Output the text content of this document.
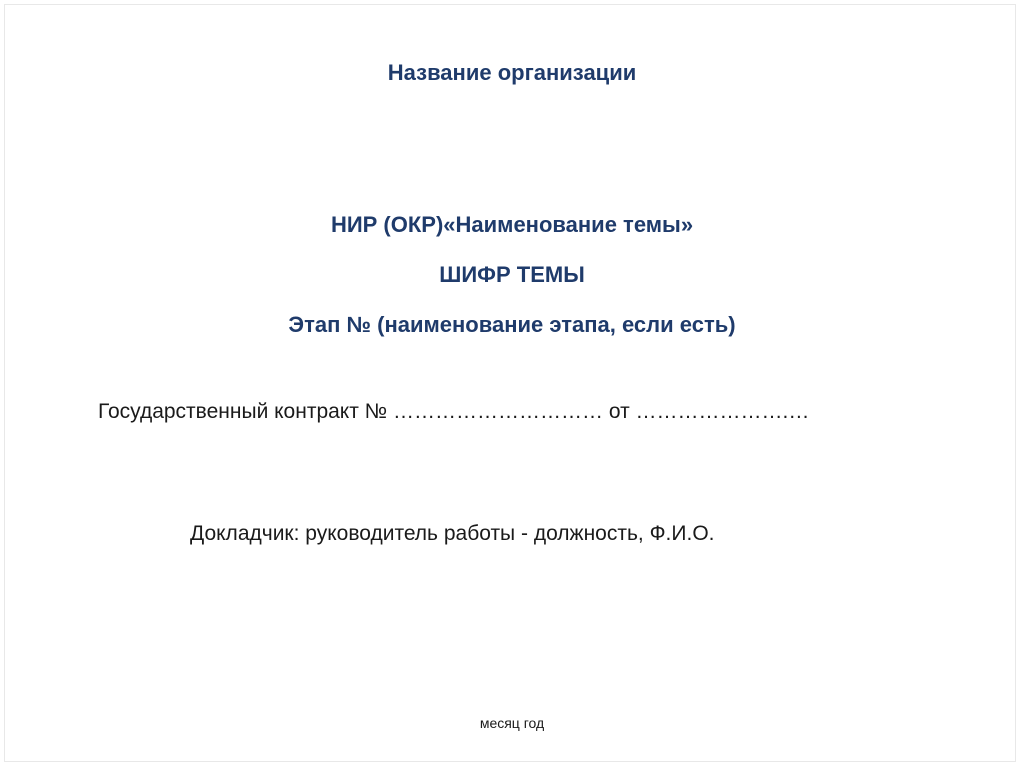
Название организации
НИР (ОКР)«Наименование темы»
ШИФР ТЕМЫ
Этап № (наименование этапа, если есть)
Государственный контракт № ………………………… от ………………….…
Докладчик: руководитель работы - должность, Ф.И.О.
месяц год
